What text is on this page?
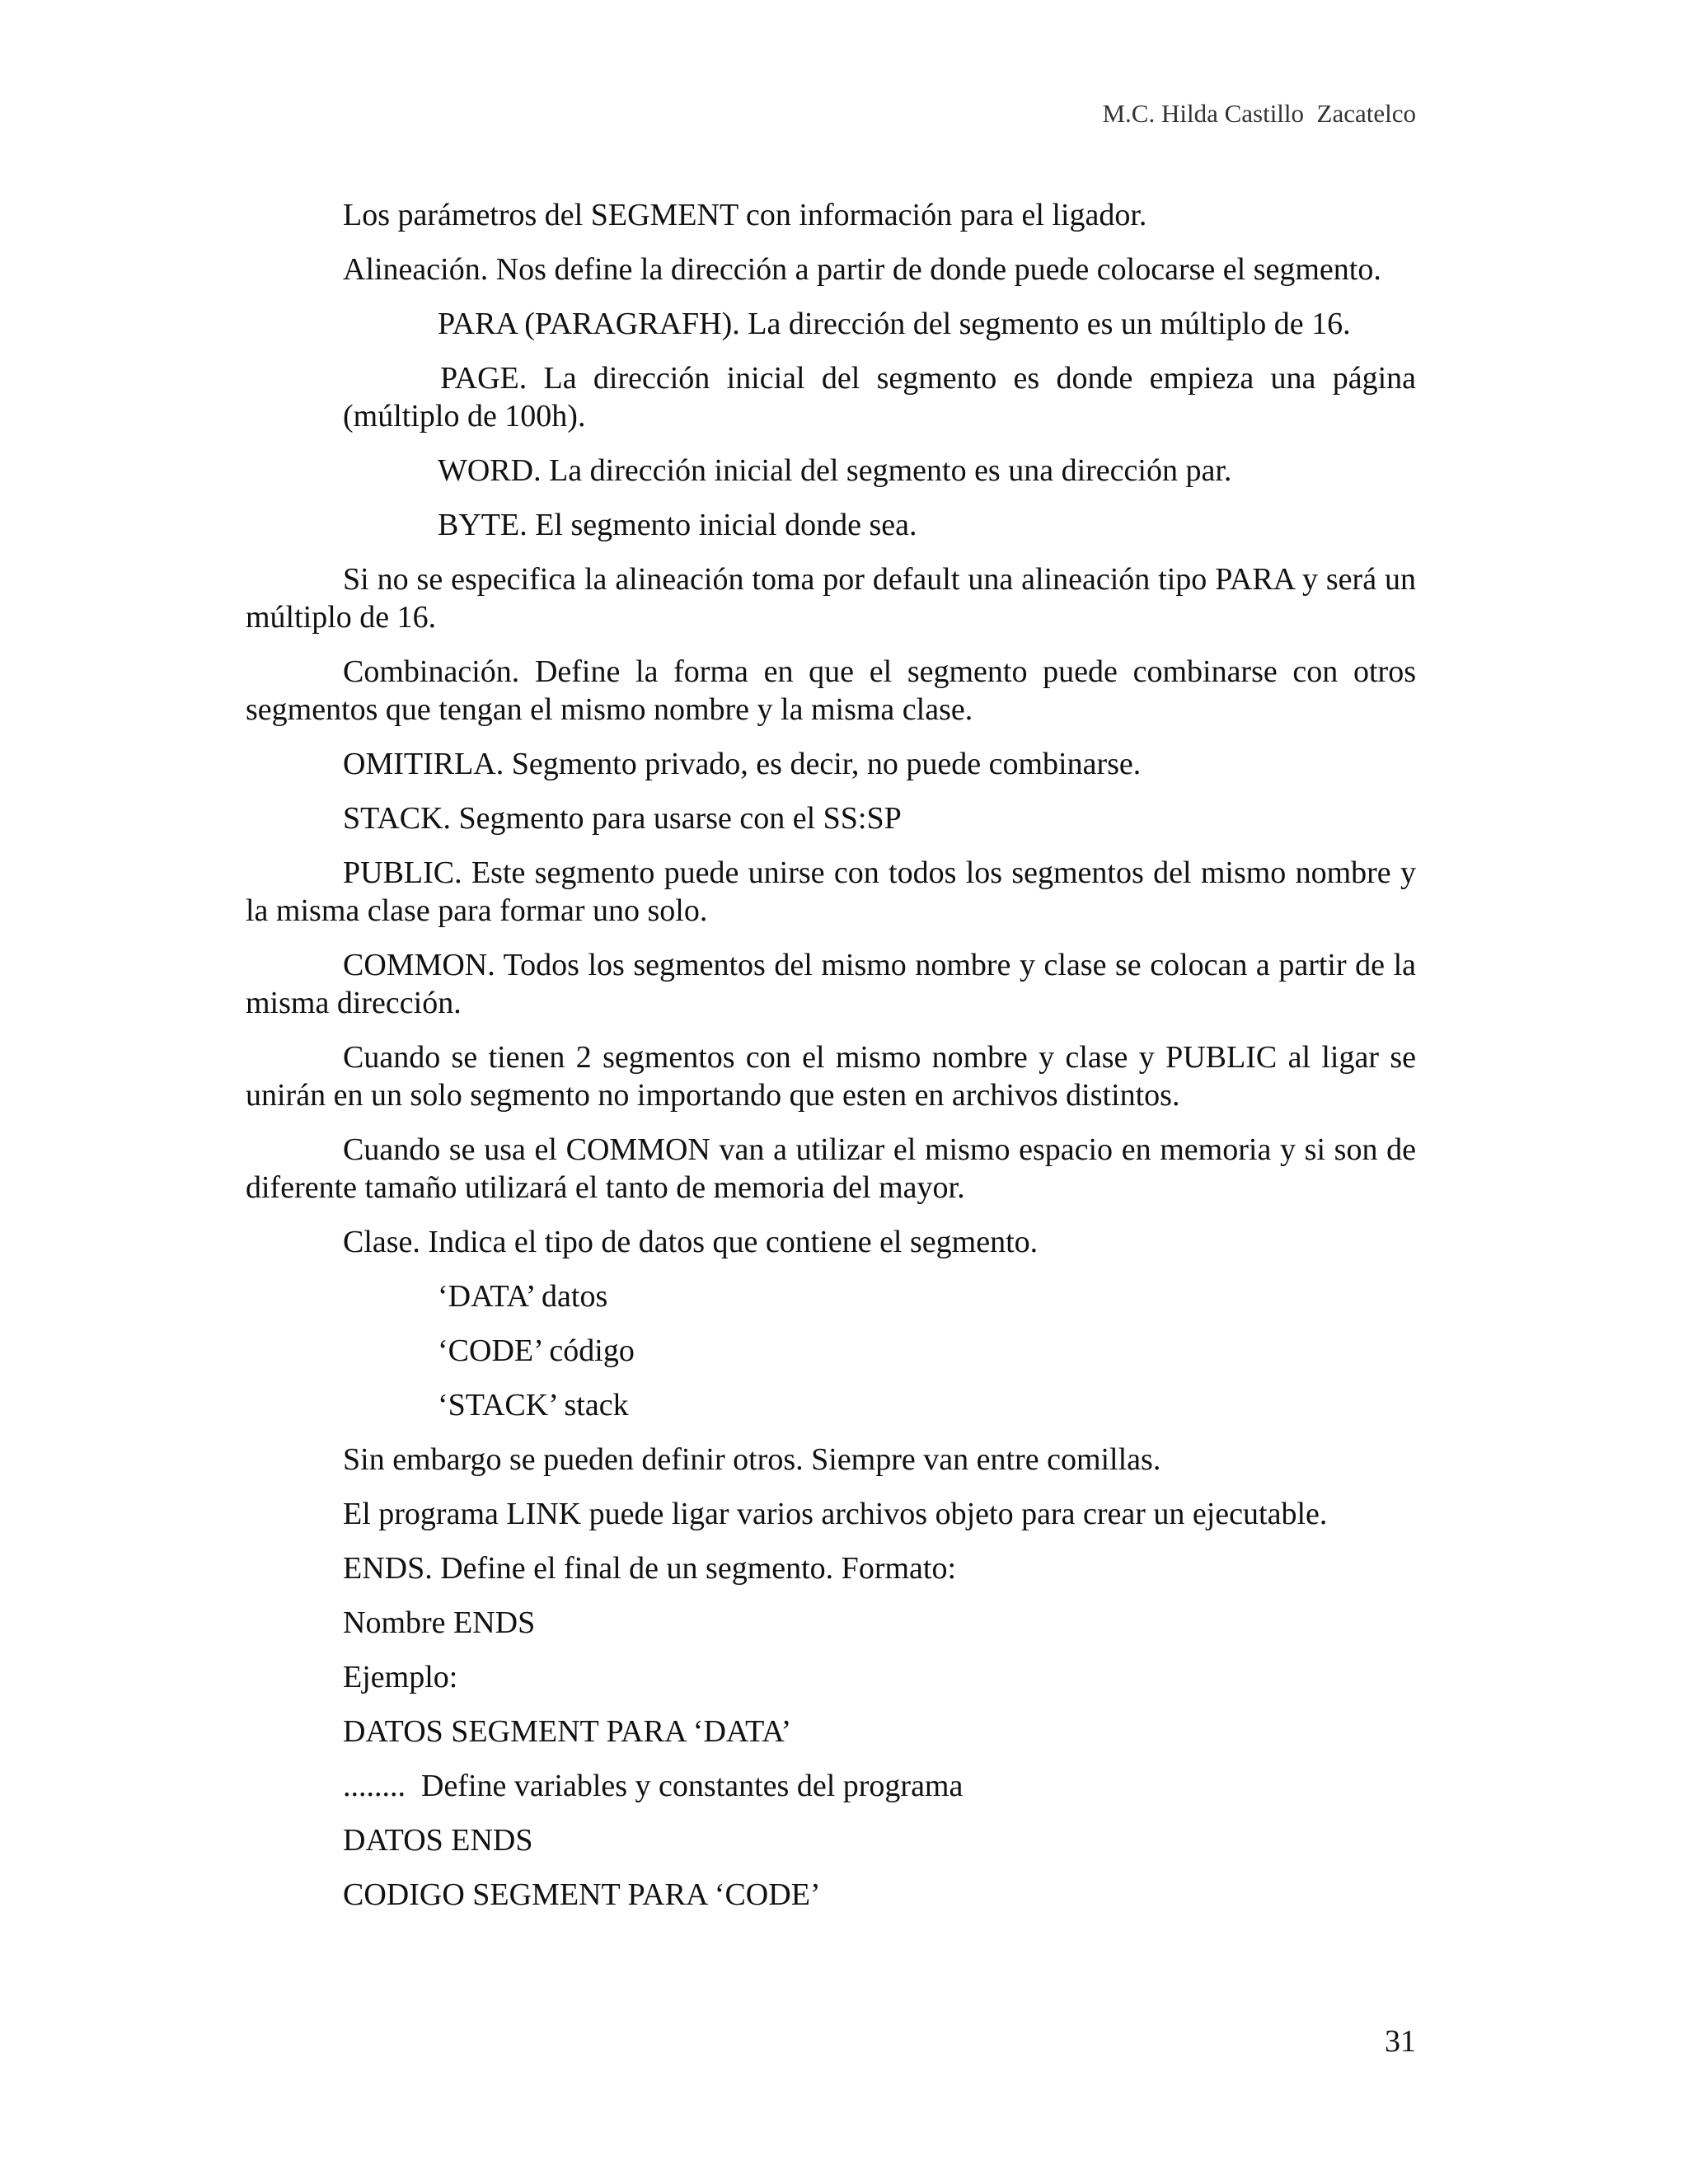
M.C. Hilda Castillo  Zacatelco

Los parámetros del SEGMENT con información para el ligador.

Alineación. Nos define la dirección a partir de donde puede colocarse el segmento.

PARA (PARAGRAFH). La dirección del segmento es un múltiplo de 16.

PAGE. La dirección inicial del segmento es donde empieza una página (múltiplo de 100h).

WORD. La dirección inicial del segmento es una dirección par.

BYTE. El segmento inicial donde sea.

Si no se especifica la alineación toma por default una alineación tipo PARA y será un múltiplo de 16.

Combinación. Define la forma en que el segmento puede combinarse con otros segmentos que tengan el mismo nombre y la misma clase.

OMITIRLA. Segmento privado, es decir, no puede combinarse.

STACK. Segmento para usarse con el SS:SP

PUBLIC. Este segmento puede unirse con todos los segmentos del mismo nombre y la misma clase para formar uno solo.

COMMON. Todos los segmentos del mismo nombre y clase se colocan a partir de la misma dirección.

Cuando se tienen 2 segmentos con el mismo nombre y clase y PUBLIC al ligar se unirán en un solo segmento no importando que esten en archivos distintos.

Cuando se usa el COMMON van a utilizar el mismo espacio en memoria y si son de diferente tamaño utilizará el tanto de memoria del mayor.

Clase. Indica el tipo de datos que contiene el segmento.

‘DATA’ datos

‘CODE’ código

‘STACK’ stack

Sin embargo se pueden definir otros. Siempre van entre comillas.

El programa LINK puede ligar varios archivos objeto para crear un ejecutable.

ENDS. Define el final de un segmento. Formato:

Nombre ENDS

Ejemplo:

DATOS SEGMENT PARA ‘DATA’

........  Define variables y constantes del programa

DATOS ENDS

CODIGO SEGMENT PARA ‘CODE’

31
